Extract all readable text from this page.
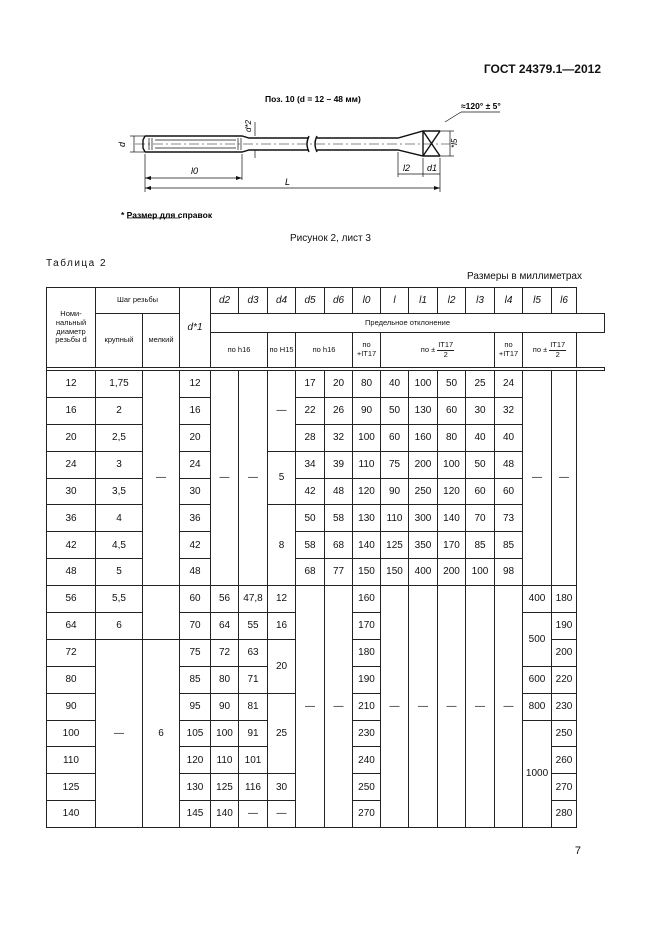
ГОСТ 24379.1—2012
Поз. 10 (d = 12 – 48 мм)
d
d*2
l0
L
l2 d1
*l5
≈120° ± 5°
* Размер для справок
Рисунок 2, лист 3
Таблица 2
Размеры в миллиметрах
Номи-
нальный
диаметр
резьбы d	Шаг резьбы		d*1	d2	d3	d4	d5	d6	l0	l	l1	l2	l3	l4	l5	l6
	крупный	мелкий		Предельное отклонение												
				по h16		по H15	по h16		по +IT17	по ± $\frac{IT17}{2}$				по +IT17	по ± $\frac{IT17}{2}$

12	1,75	—	12	—	—	—	17	20	80	40	100	50	25	24	—	—
16	2		16				22	26	90	50	130	60	30	32		
20	2,5		20				28	32	100	60	160	80	40	40		
24	3		24			5	34	39	110	75	200	100	50	48		
30	3,5		30				42	48	120	90	250	120	60	60		
36	4		36			8	50	58	130	110	300	140	70	73		
42	4,5		42				58	68	140	125	350	170	85	85		
48	5		48				68	77	150	150	400	200	100	98		
56	5,5		60	56	47,8	12	—	—	160	—	—	—	—	—	400	180
64	6		70	64	55	16			170						500	190
72	—	6	75	72	63	20			180							200
80			85	80	71				190						600	220
90			95	90	81	25			210						800	230
100			105	100	91				230						1000	250
110			120	110	101				240							260
125			130	125	116	30			250							270
140			145	140	—	—			270							280
7
